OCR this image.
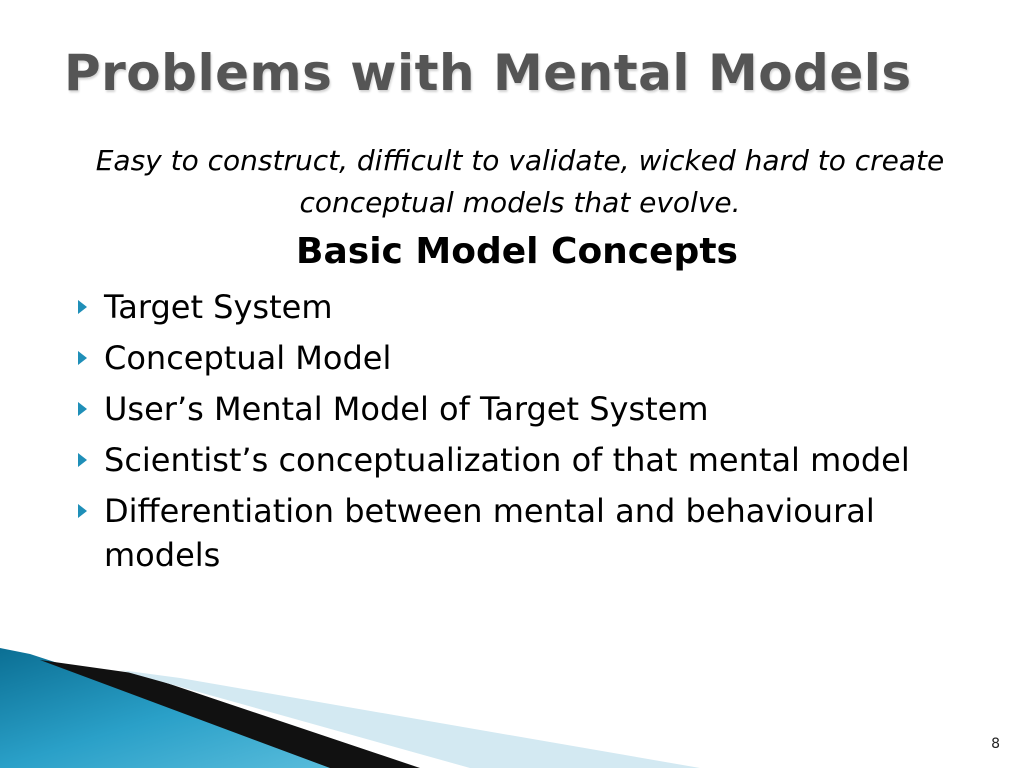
Problems with Mental Models

Easy to construct, difficult to validate, wicked hard to create conceptual models that evolve.

Basic Model Concepts
Target System
Conceptual Model
User’s Mental Model of Target System
Scientist’s conceptualization of that mental model
Differentiation between mental and behavioural models
8
